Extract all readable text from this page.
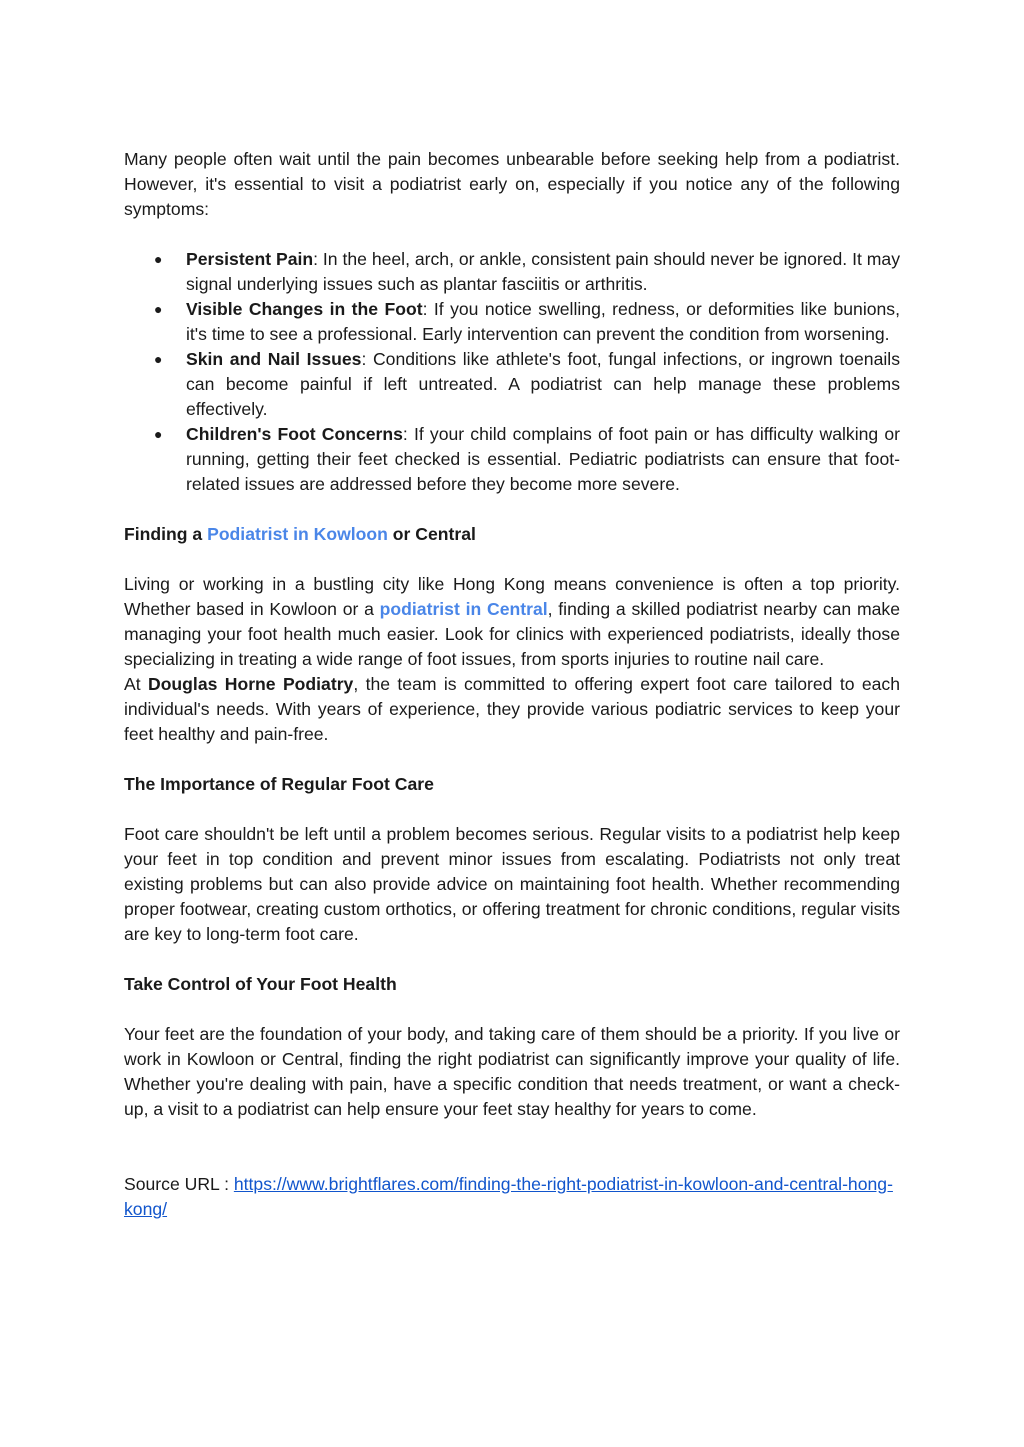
Many people often wait until the pain becomes unbearable before seeking help from a podiatrist. However, it's essential to visit a podiatrist early on, especially if you notice any of the following symptoms:

● Persistent Pain: In the heel, arch, or ankle, consistent pain should never be ignored. It may signal underlying issues such as plantar fasciitis or arthritis.
● Visible Changes in the Foot: If you notice swelling, redness, or deformities like bunions, it's time to see a professional. Early intervention can prevent the condition from worsening.
● Skin and Nail Issues: Conditions like athlete's foot, fungal infections, or ingrown toenails can become painful if left untreated. A podiatrist can help manage these problems effectively.
● Children's Foot Concerns: If your child complains of foot pain or has difficulty walking or running, getting their feet checked is essential. Pediatric podiatrists can ensure that foot-related issues are addressed before they become more severe.

Finding a Podiatrist in Kowloon or Central

Living or working in a bustling city like Hong Kong means convenience is often a top priority. Whether based in Kowloon or a podiatrist in Central, finding a skilled podiatrist nearby can make managing your foot health much easier. Look for clinics with experienced podiatrists, ideally those specializing in treating a wide range of foot issues, from sports injuries to routine nail care.

At Douglas Horne Podiatry, the team is committed to offering expert foot care tailored to each individual's needs. With years of experience, they provide various podiatric services to keep your feet healthy and pain-free.

The Importance of Regular Foot Care

Foot care shouldn't be left until a problem becomes serious. Regular visits to a podiatrist help keep your feet in top condition and prevent minor issues from escalating. Podiatrists not only treat existing problems but can also provide advice on maintaining foot health. Whether recommending proper footwear, creating custom orthotics, or offering treatment for chronic conditions, regular visits are key to long-term foot care.

Take Control of Your Foot Health

Your feet are the foundation of your body, and taking care of them should be a priority. If you live or work in Kowloon or Central, finding the right podiatrist can significantly improve your quality of life. Whether you're dealing with pain, have a specific condition that needs treatment, or want a check-up, a visit to a podiatrist can help ensure your feet stay healthy for years to come.

Source URL : https://www.brightflares.com/finding-the-right-podiatrist-in-kowloon-and-central-hong-kong/
